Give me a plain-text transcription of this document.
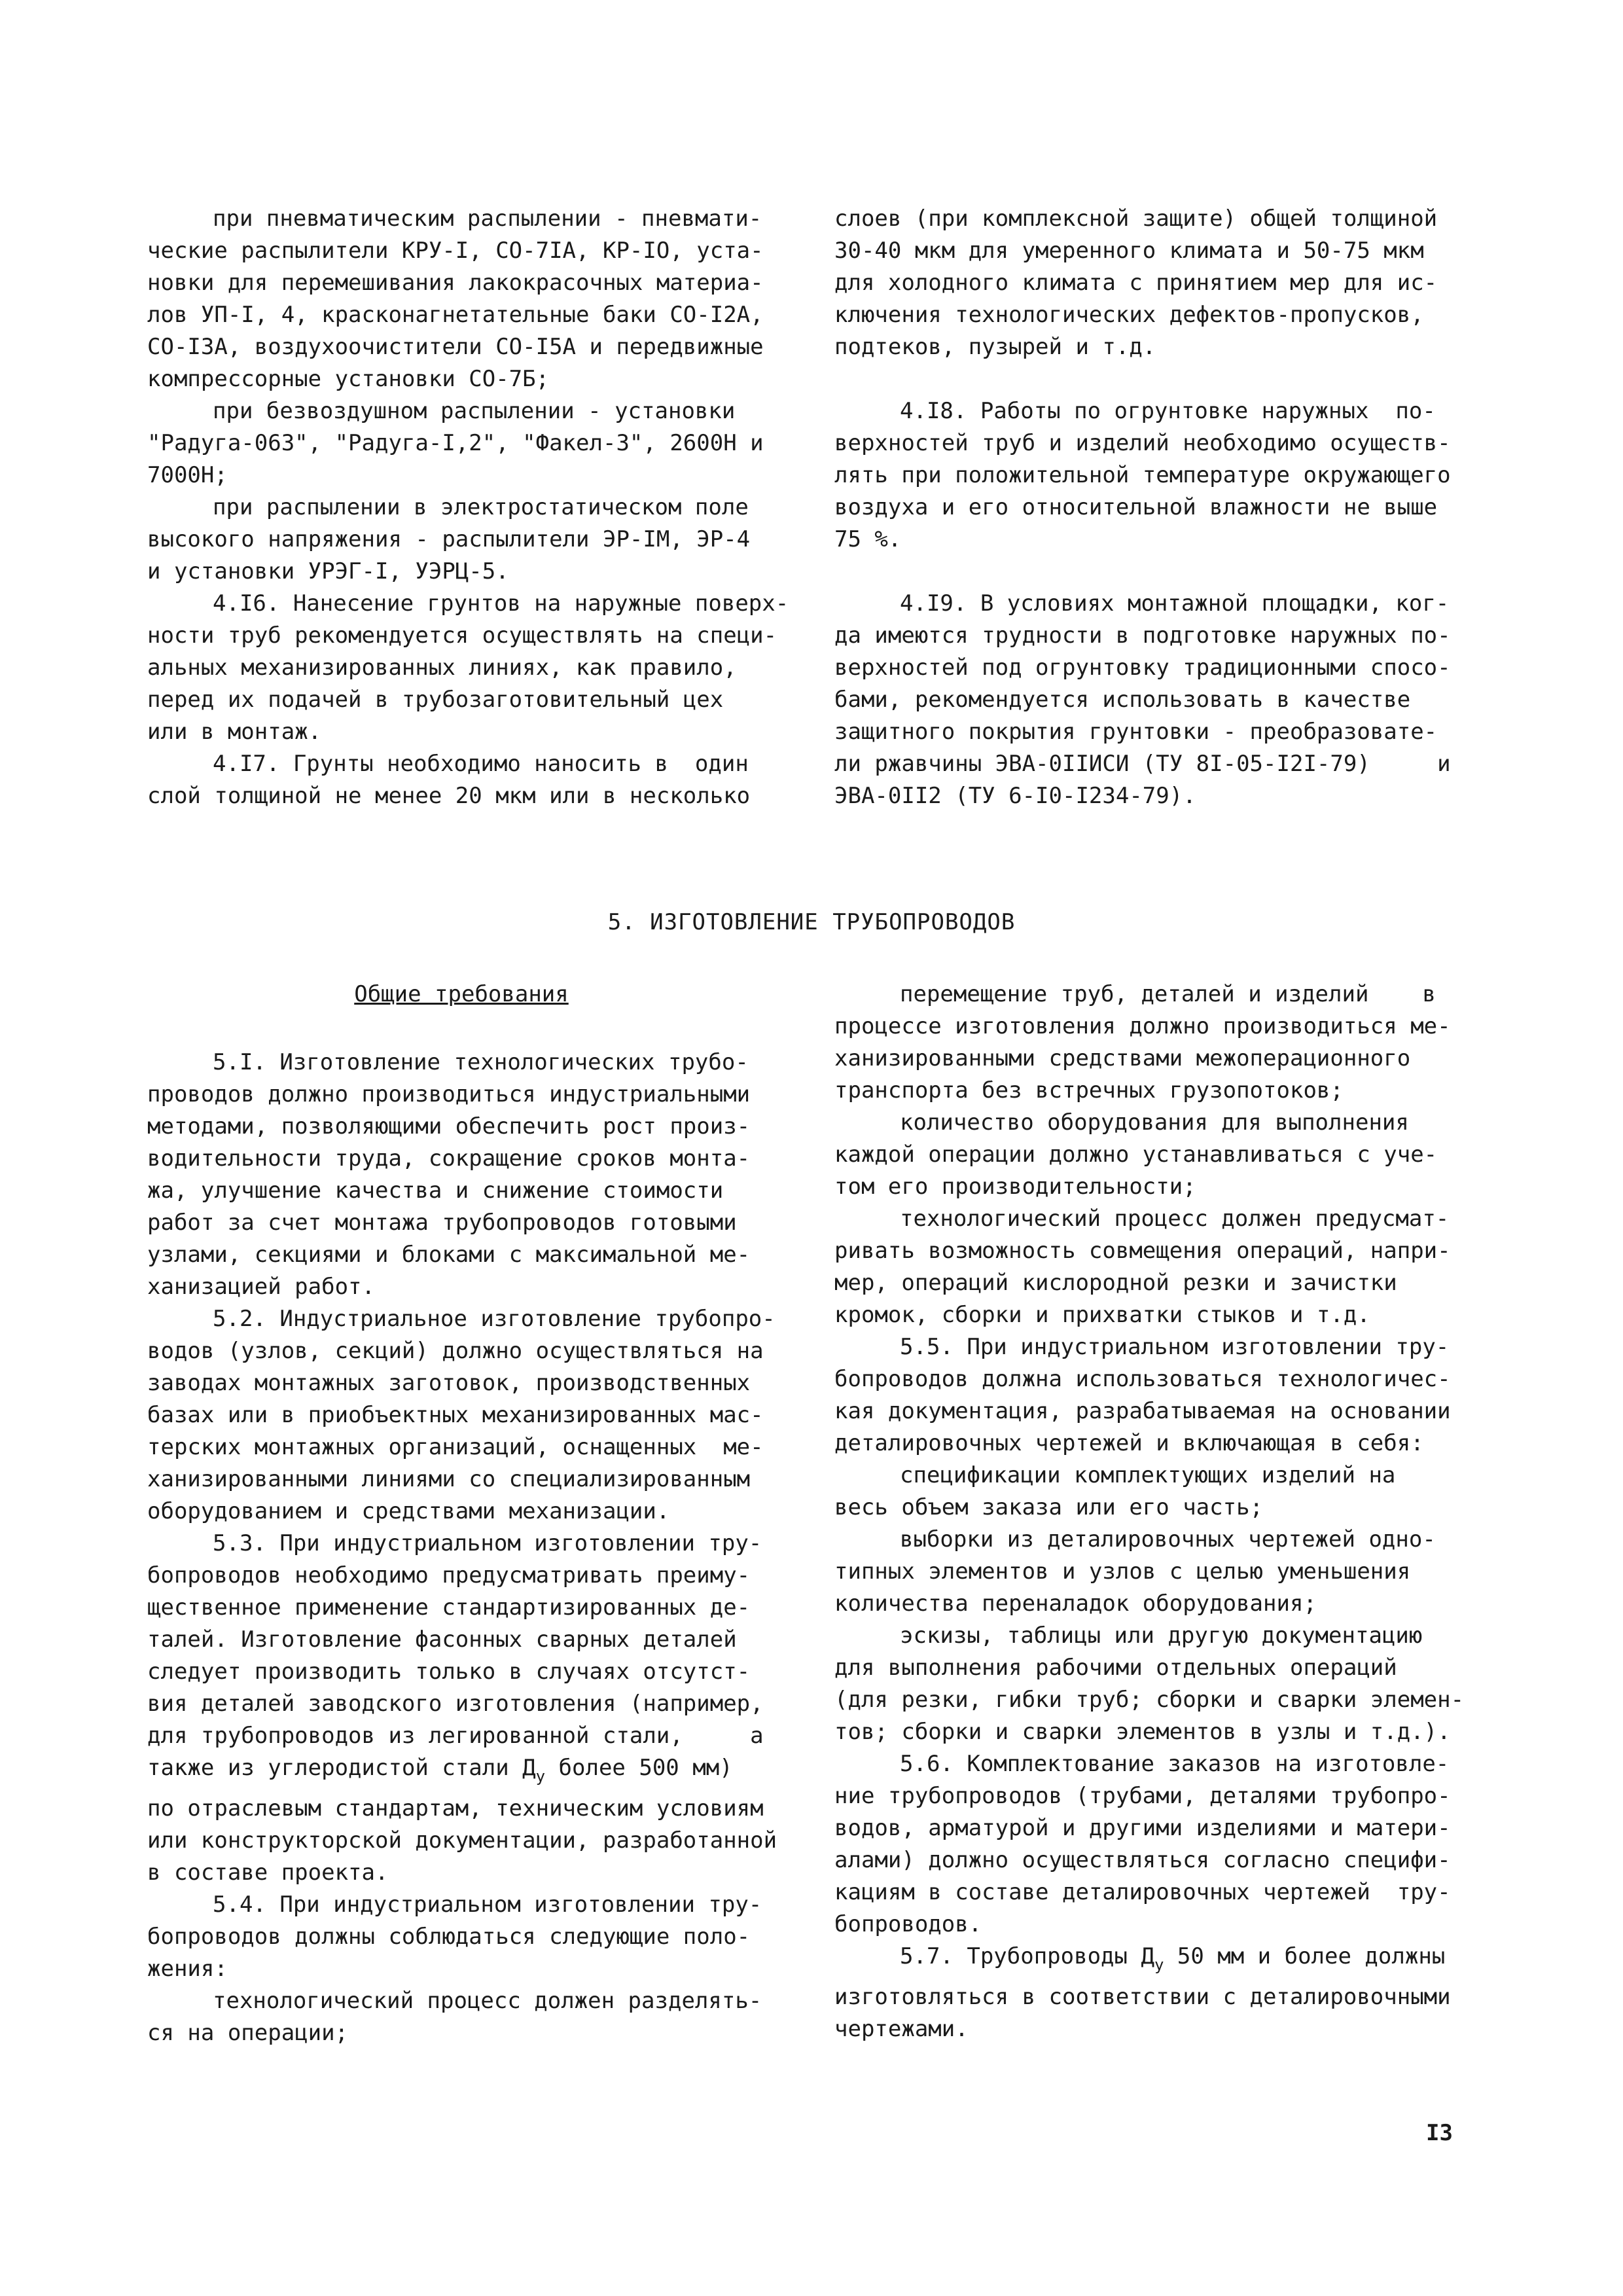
при пневматическим распылении - пневмати-

ческие распылители КРУ-I, СО-7IА, КР-IО, уста-

новки для перемешивания лакокрасочных материа-

лов УП-I, 4, красконагнетательные баки СО-I2А,

СО-I3А, воздухоочистители СО-I5А и передвижные

компрессорные установки СО-7Б;

при безвоздушном распылении - установки

"Радуга-063", "Радуга-I,2", "Факел-3", 2600Н и

7000Н;

при распылении в электростатическом поле

высокого напряжения - распылители ЭР-IМ, ЭР-4

и установки УРЭГ-I, УЭРЦ-5.

4.I6. Нанесение грунтов на наружные поверх-

ности труб рекомендуется осуществлять на специ-

альных механизированных линиях, как правило,

перед их подачей в трубозаготовительный цех

или в монтаж.

4.I7. Грунты необходимо наносить в  один

слой толщиной не менее 20 мкм или в несколько

слоев (при комплексной защите) общей толщиной

30-40 мкм для умеренного климата и 50-75 мкм

для холодного климата с принятием мер для ис-

ключения технологических дефектов-пропусков,

подтеков, пузырей и т.д.

4.I8. Работы по огрунтовке наружных  по-

верхностей труб и изделий необходимо осуществ-

лять при положительной температуре окружающего

воздуха и его относительной влажности не выше

75 %.

4.I9. В условиях монтажной площадки, ког-

да имеются трудности в подготовке наружных по-

верхностей под огрунтовку традиционными спосо-

бами, рекомендуется использовать в качестве

защитного покрытия грунтовки - преобразовате-

ли ржавчины ЭВА-0IIИСИ (ТУ 8I-05-I2I-79)     и

ЭВА-0II2 (ТУ 6-I0-I234-79).

5. ИЗГОТОВЛЕНИЕ ТРУБОПРОВОДОВ

Общие требования

5.I. Изготовление технологических трубо-

проводов должно производиться индустриальными

методами, позволяющими обеспечить рост произ-

водительности труда, сокращение сроков монта-

жа, улучшение качества и снижение стоимости

работ за счет монтажа трубопроводов готовыми

узлами, секциями и блоками с максимальной ме-

ханизацией работ.

5.2. Индустриальное изготовление трубопро-

водов (узлов, секций) должно осуществляться на

заводах монтажных заготовок, производственных

базах или в приобъектных механизированных мас-

терских монтажных организаций, оснащенных  ме-

ханизированными линиями со специализированным

оборудованием и средствами механизации.

5.3. При индустриальном изготовлении тру-

бопроводов необходимо предусматривать преиму-

щественное применение стандартизированных де-

талей. Изготовление фасонных сварных деталей

следует производить только в случаях отсутст-

вия деталей заводского изготовления (например,

для трубопроводов из легированной стали,     а

также из углеродистой стали $Д_у$ более 500 мм)

по отраслевым стандартам, техническим условиям

или конструкторской документации, разработанной

в составе проекта.

5.4. При индустриальном изготовлении тру-

бопроводов должны соблюдаться следующие поло-

жения:

технологический процесс должен разделять-

ся на операции;

перемещение труб, деталей и изделий    в

процессе изготовления должно производиться ме-

ханизированными средствами межоперационного

транспорта без встречных грузопотоков;

количество оборудования для выполнения

каждой операции должно устанавливаться с уче-

том его производительности;

технологический процесс должен предусмат-

ривать возможность совмещения операций, напри-

мер, операций кислородной резки и зачистки

кромок, сборки и прихватки стыков и т.д.

5.5. При индустриальном изготовлении тру-

бопроводов должна использоваться технологичес-

кая документация, разрабатываемая на основании

деталировочных чертежей и включающая в себя:

спецификации комплектующих изделий на

весь объем заказа или его часть;

выборки из деталировочных чертежей одно-

типных элементов и узлов с целью уменьшения

количества переналадок оборудования;

эскизы, таблицы или другую документацию

для выполнения рабочими отдельных операций

(для резки, гибки труб; сборки и сварки элемен-

тов; сборки и сварки элементов в узлы и т.д.).

5.6. Комплектование заказов на изготовле-

ние трубопроводов (трубами, деталями трубопро-

водов, арматурой и другими изделиями и матери-

алами) должно осуществляться согласно специфи-

кациям в составе деталировочных чертежей  тру-

бопроводов.

5.7. Трубопроводы $Д_у$ 50 мм и более должны

изготовляться в соответствии с деталировочными

чертежами.

I3
